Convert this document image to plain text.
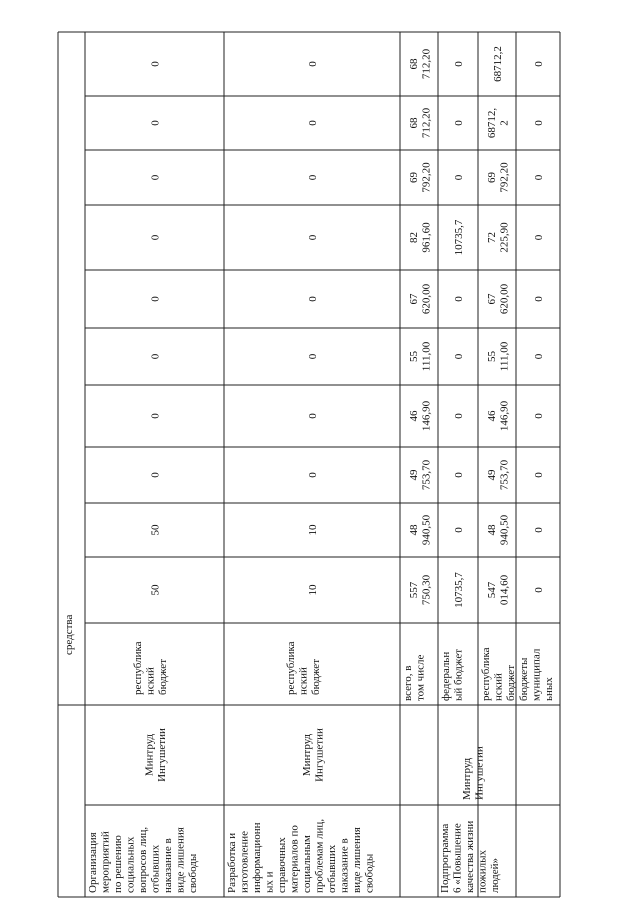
средства
Организациямероприятийпо решениюсоциальныхвопросов лиц,отбывшихнаказание ввиде лишениясвободы
МинтрудИнгушетии
республиканскийбюджет
50
50
0
0
0
0
0
0
0
0
Разработка иизготовлениеинформационных исправочныхматериалов посоциальнымпроблемам лиц,отбывшихнаказание ввиде лишениясвободы
МинтрудИнгушетии
республиканскийбюджет
10
10
0
0
0
0
0
0
0
0
Подпрограмма6 «Повышениекачества жизнипожилыхлюдей»
МинтрудИнгушетии
всего, втом числе
557750,30
48940,50
49753,70
46146,90
55111,00
67620,00
82961,60
69792,20
68712,20
68712,20
федеральный бюджет
10735,7
0
0
0
0
0
10735,7
0
0
0
республиканскийбюджет
547014,60
48940,50
49753,70
46146,90
55111,00
67620,00
72225,90
69792,20
68712,2
68712,2
бюджетымуниципальных
0
0
0
0
0
0
0
0
0
0
